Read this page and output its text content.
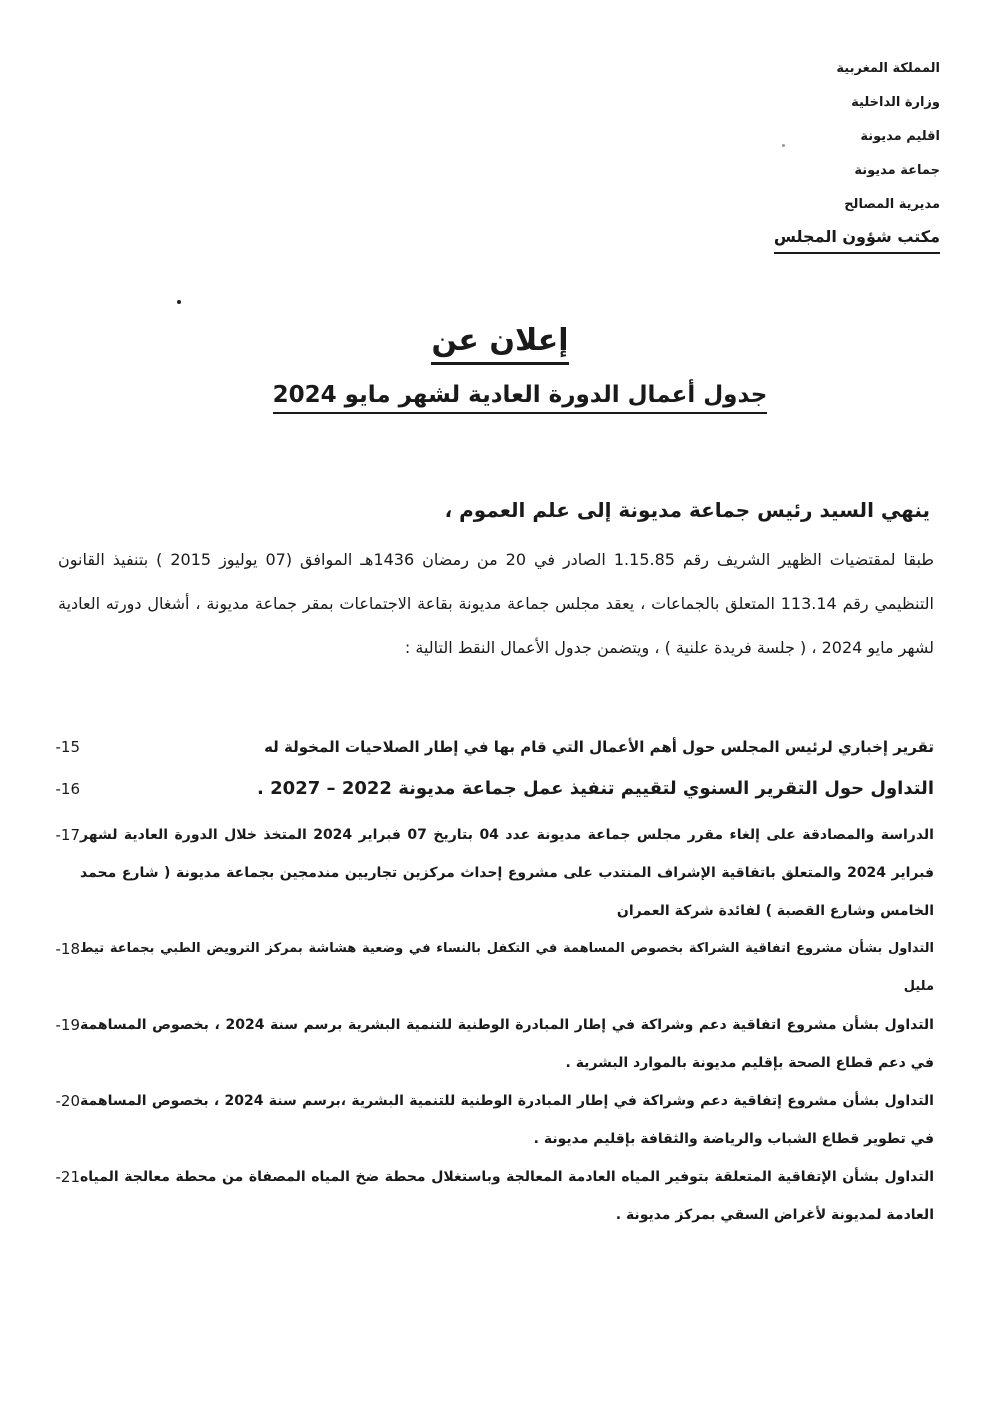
المملكة المغربية
وزارة الداخلية
اقليم مديونة
جماعة مديونة
مديرية المصالح
مكتب شؤون المجلس
إعلان عن
جدول أعمال الدورة العادية لشهر مايو 2024
ينهي السيد رئيس جماعة مديونة إلى علم العموم ،
طبقا لمقتضيات الظهير الشريف رقم 1.15.85 الصادر في 20 من رمضان 1436هـ الموافق (07 يوليوز 2015 ) بتنفيذ القانون التنظيمي رقم 113.14 المتعلق بالجماعات ، يعقد مجلس جماعة مديونة بقاعة الاجتماعات بمقر جماعة مديونة ، أشغال دورته العادية لشهر مايو 2024 ، ( جلسة فريدة علنية ) ، ويتضمن جدول الأعمال النقط التالية :
تقرير إخباري لرئيس المجلس حول أهم الأعمال التي قام بها في إطار الصلاحيات المخولة له
15-
التداول حول التقرير السنوي لتقييم تنفيذ عمل جماعة مديونة 2022 – 2027 .
16-
الدراسة والمصادقة على إلغاء مقرر مجلس جماعة مديونة عدد 04 بتاريخ 07 فبراير 2024 المتخذ خلال الدورة العادية لشهر فبراير 2024 والمتعلق باتفاقية الإشراف المنتدب على مشروع إحداث مركزين تجاريين مندمجين بجماعة مديونة ( شارع محمد الخامس وشارع القصبة ) لفائدة شركة العمران
17-
التداول بشأن مشروع اتفاقية الشراكة بخصوص المساهمة في التكفل بالنساء في وضعية هشاشة بمركز الترويض الطبي بجماعة تيط مليل
18-
التداول بشأن مشروع اتفاقية دعم وشراكة في إطار المبادرة الوطنية للتنمية البشرية برسم سنة 2024 ، بخصوص المساهمة في دعم قطاع الصحة بإقليم مديونة بالموارد البشرية .
19-
التداول بشأن مشروع إتفاقية دعم وشراكة في إطار المبادرة الوطنية للتنمية البشرية ،برسم سنة 2024 ، بخصوص المساهمة في تطوير قطاع الشباب والرياضة والثقافة بإقليم مديونة .
20-
التداول بشأن الإتفاقية المتعلقة بتوفير المياه العادمة المعالجة وباستغلال محطة ضخ المياه المصفاة من محطة معالجة المياه العادمة لمديونة لأغراض السقي بمركز مديونة .
21-
